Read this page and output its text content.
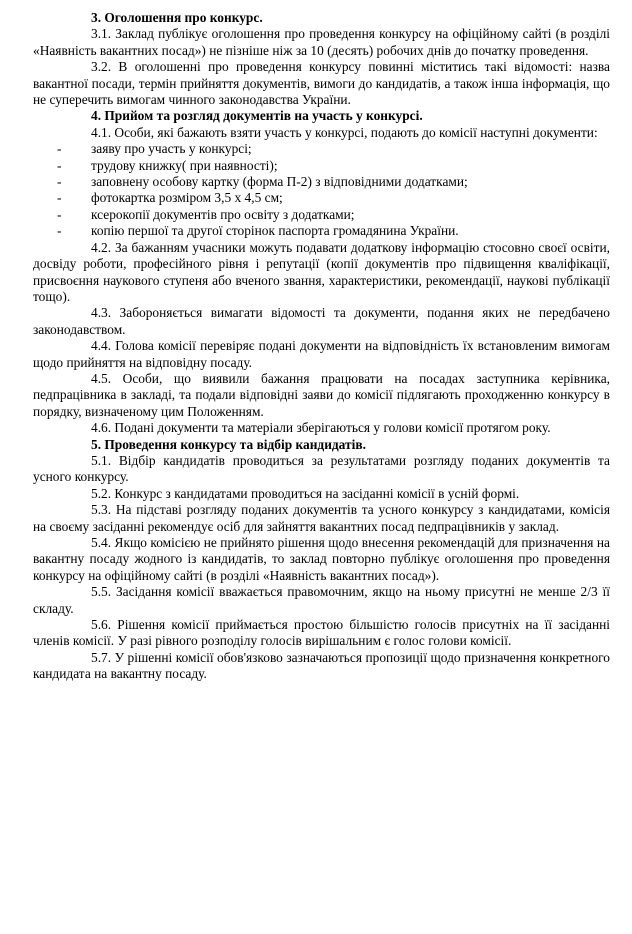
3. Оголошення про конкурс.

3.1. Заклад публікує оголошення про проведення конкурсу на офіційному сайті (в розділі «Наявність вакантних посад») не пізніше ніж за 10 (десять) робочих днів до початку проведення.

3.2. В оголошенні про проведення конкурсу повинні міститись такі відомості: назва вакантної посади, термін прийняття документів, вимоги до кандидатів, а також інша інформація, що не суперечить вимогам чинного законодавства України.

4. Прийом та розгляд документів на участь у конкурсі.

4.1. Особи, які бажають взяти участь у конкурсі, подають до комісії наступні документи:

- заяву про участь у конкурсі;
- трудову книжку( при наявності);
- заповнену особову картку (форма П-2) з відповідними додатками;
- фотокартка розміром 3,5 х 4,5 см;
- ксерокопії документів про освіту з додатками;
- копію першої та другої сторінок паспорта громадянина України.

4.2. За бажанням учасники можуть подавати додаткову інформацію стосовно своєї освіти, досвіду роботи, професійного рівня і репутації (копії документів про підвищення кваліфікації, присвоєння наукового ступеня або вченого звання, характеристики, рекомендації, наукові публікації тощо).

4.3. Забороняється вимагати відомості та документи, подання яких не передбачено законодавством.

4.4. Голова комісії перевіряє подані документи на відповідність їх встановленим вимогам щодо прийняття на відповідну посаду.

4.5. Особи, що виявили бажання працювати на посадах заступника керівника, педпрацівника в закладі, та подали відповідні заяви до комісії підлягають проходженню конкурсу в порядку, визначеному цим Положенням.

4.6. Подані документи та матеріали зберігаються у голови комісії протягом року.

5. Проведення конкурсу та відбір кандидатів.

5.1. Відбір кандидатів проводиться за результатами розгляду поданих документів та усного конкурсу.

5.2. Конкурс з кандидатами проводиться на засіданні комісії в усній формі.

5.3. На підставі розгляду поданих документів та усного конкурсу з кандидатами, комісія на своєму засіданні рекомендує осіб для зайняття вакантних посад педпрацівників у заклад.

5.4. Якщо комісією не прийнято рішення щодо внесення рекомендацій для призначення на вакантну посаду жодного із кандидатів, то заклад повторно публікує оголошення про проведення конкурсу на офіційному сайті (в розділі «Наявність вакантних посад»).

5.5. Засідання комісії вважається правомочним, якщо на ньому присутні не менше 2/3 її складу.

5.6. Рішення комісії приймається простою більшістю голосів присутніх на її засіданні членів комісії. У разі рівного розподілу голосів вирішальним є голос голови комісії.

5.7. У рішенні комісії обов'язково зазначаються пропозиції щодо призначення конкретного кандидата на вакантну посаду.
